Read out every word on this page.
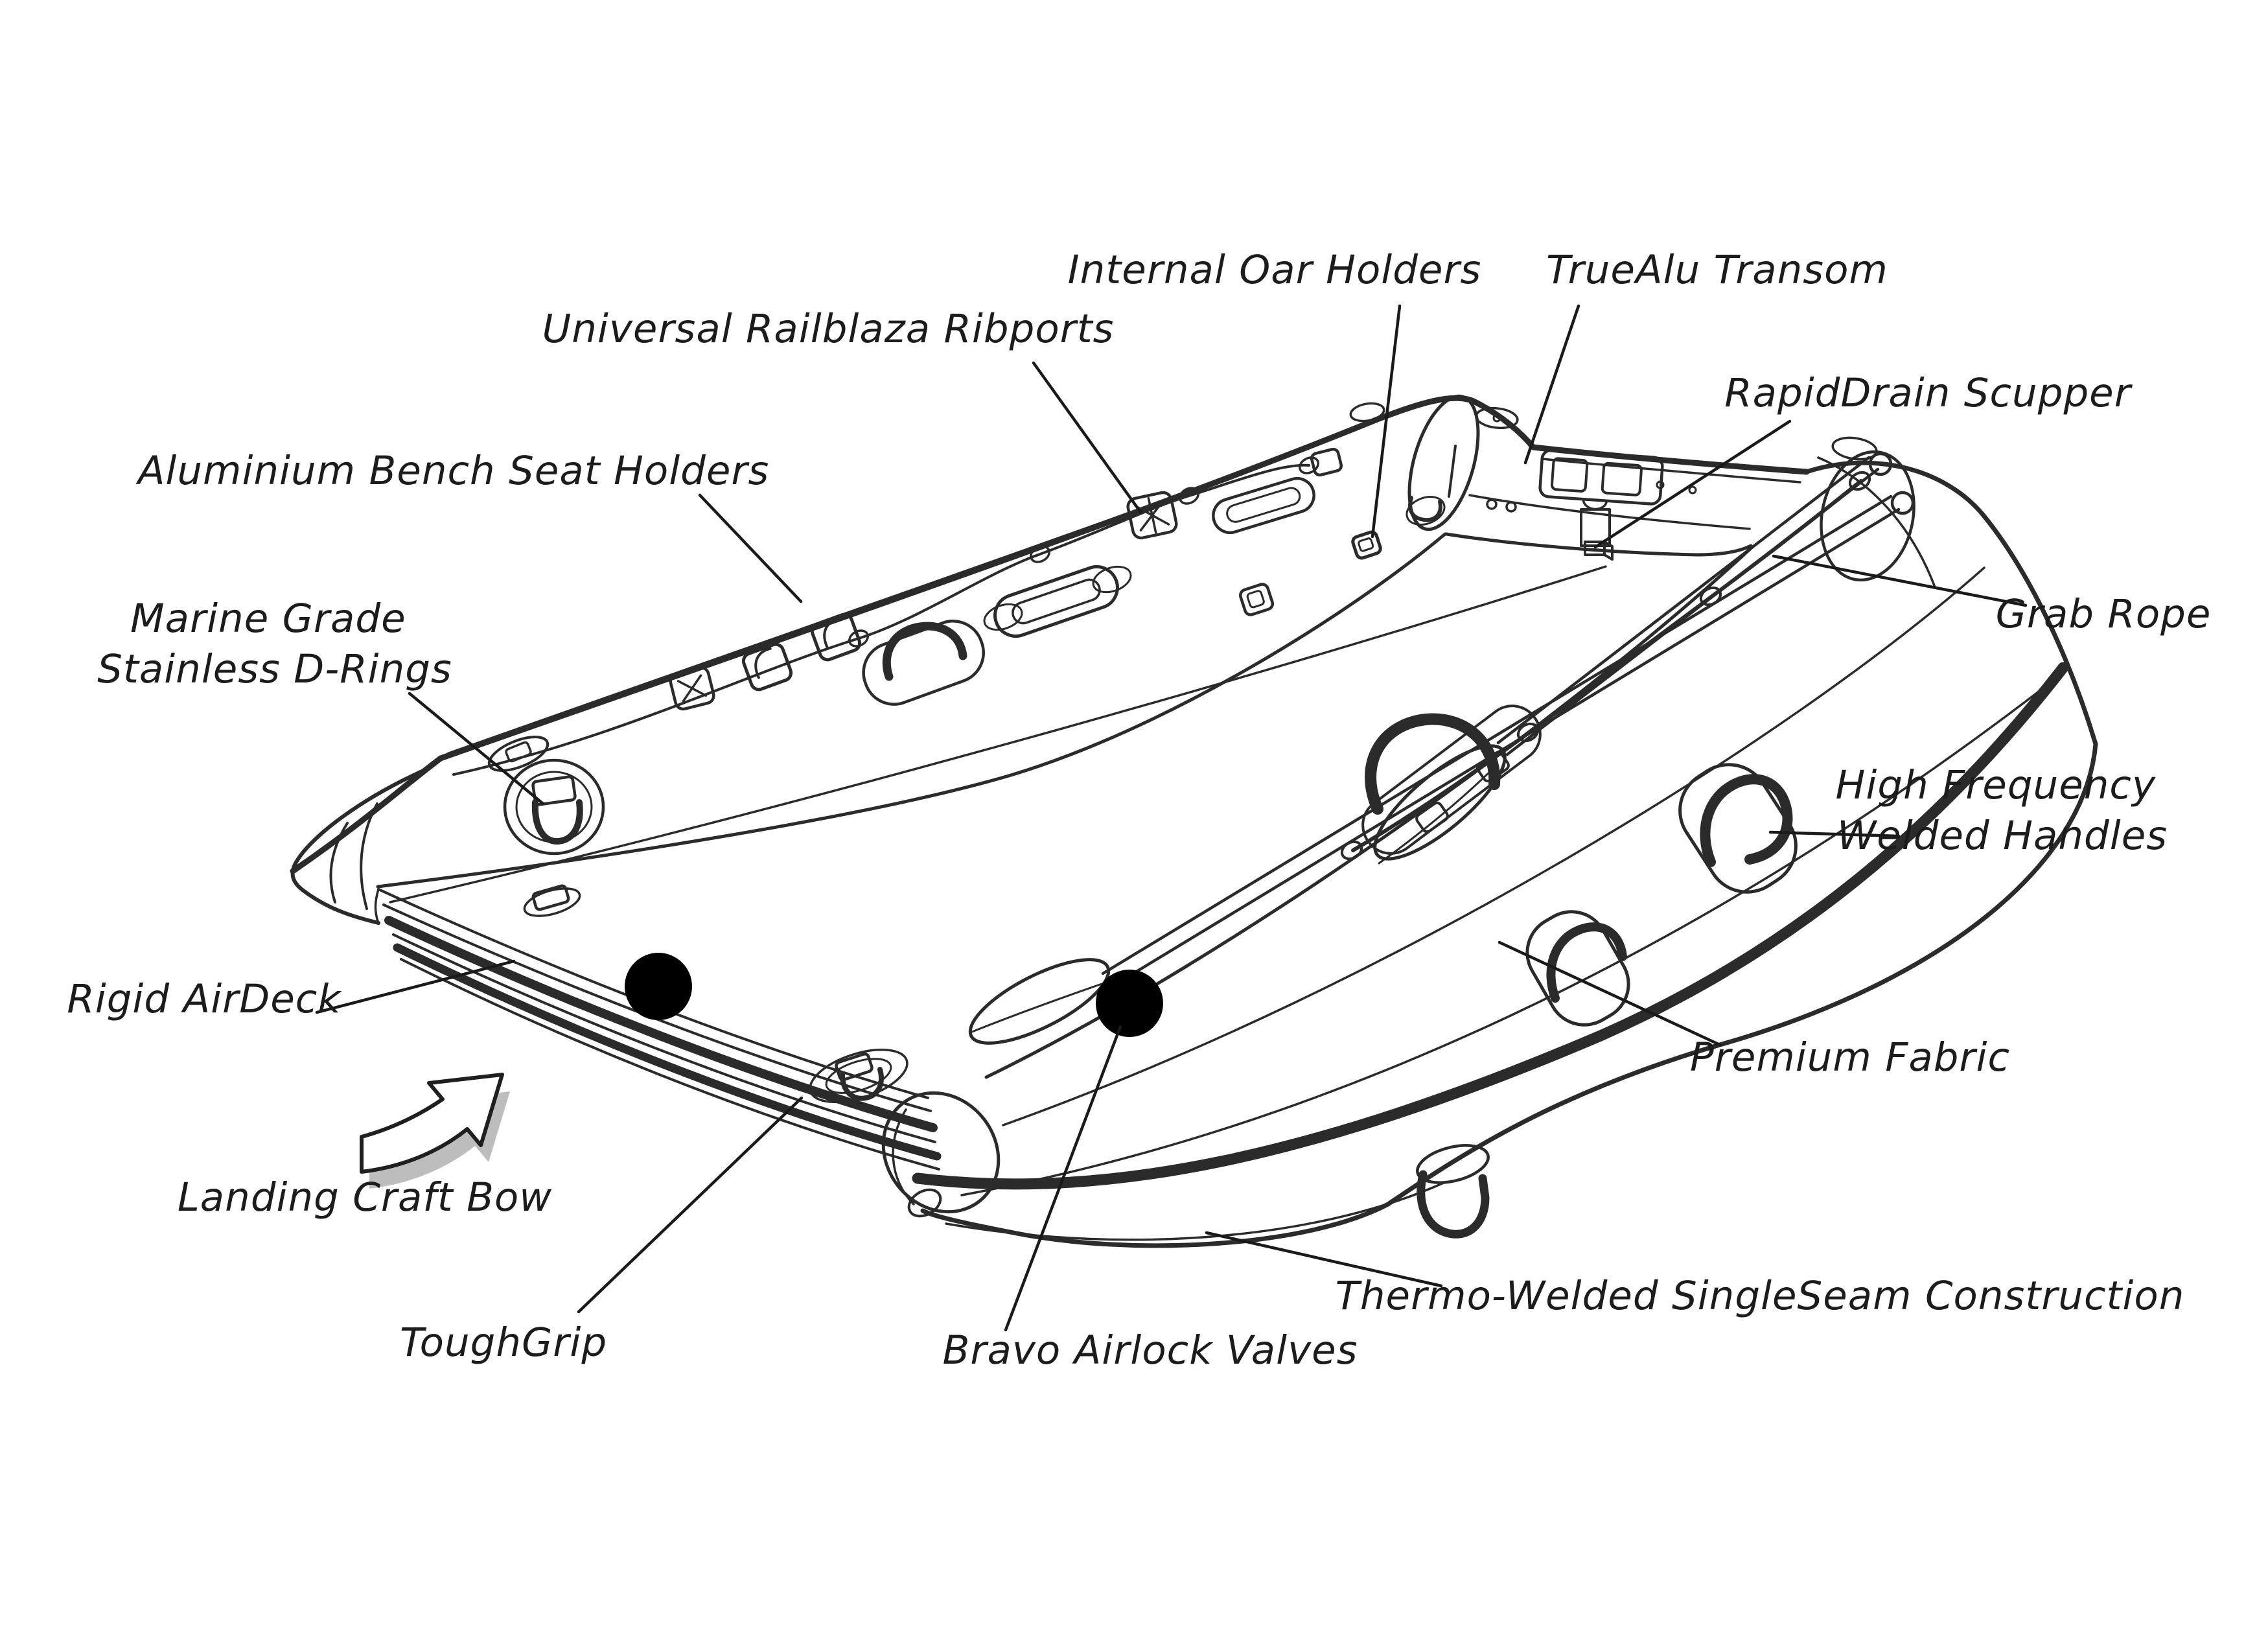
Universal Railblaza Ribports
Internal Oar Holders TrueAlu Transom
RapidDrain Scupper
Aluminium Bench Seat Holders
Grab Rope
Marine Grade Stainless D-Rings
High Frequency Welded Handles
Rigid AirDeck
Premium Fabric
Landing Craft Bow
ToughGrip	Bravo Airlock Valves
Thermo-Welded SingleSeam Construction
